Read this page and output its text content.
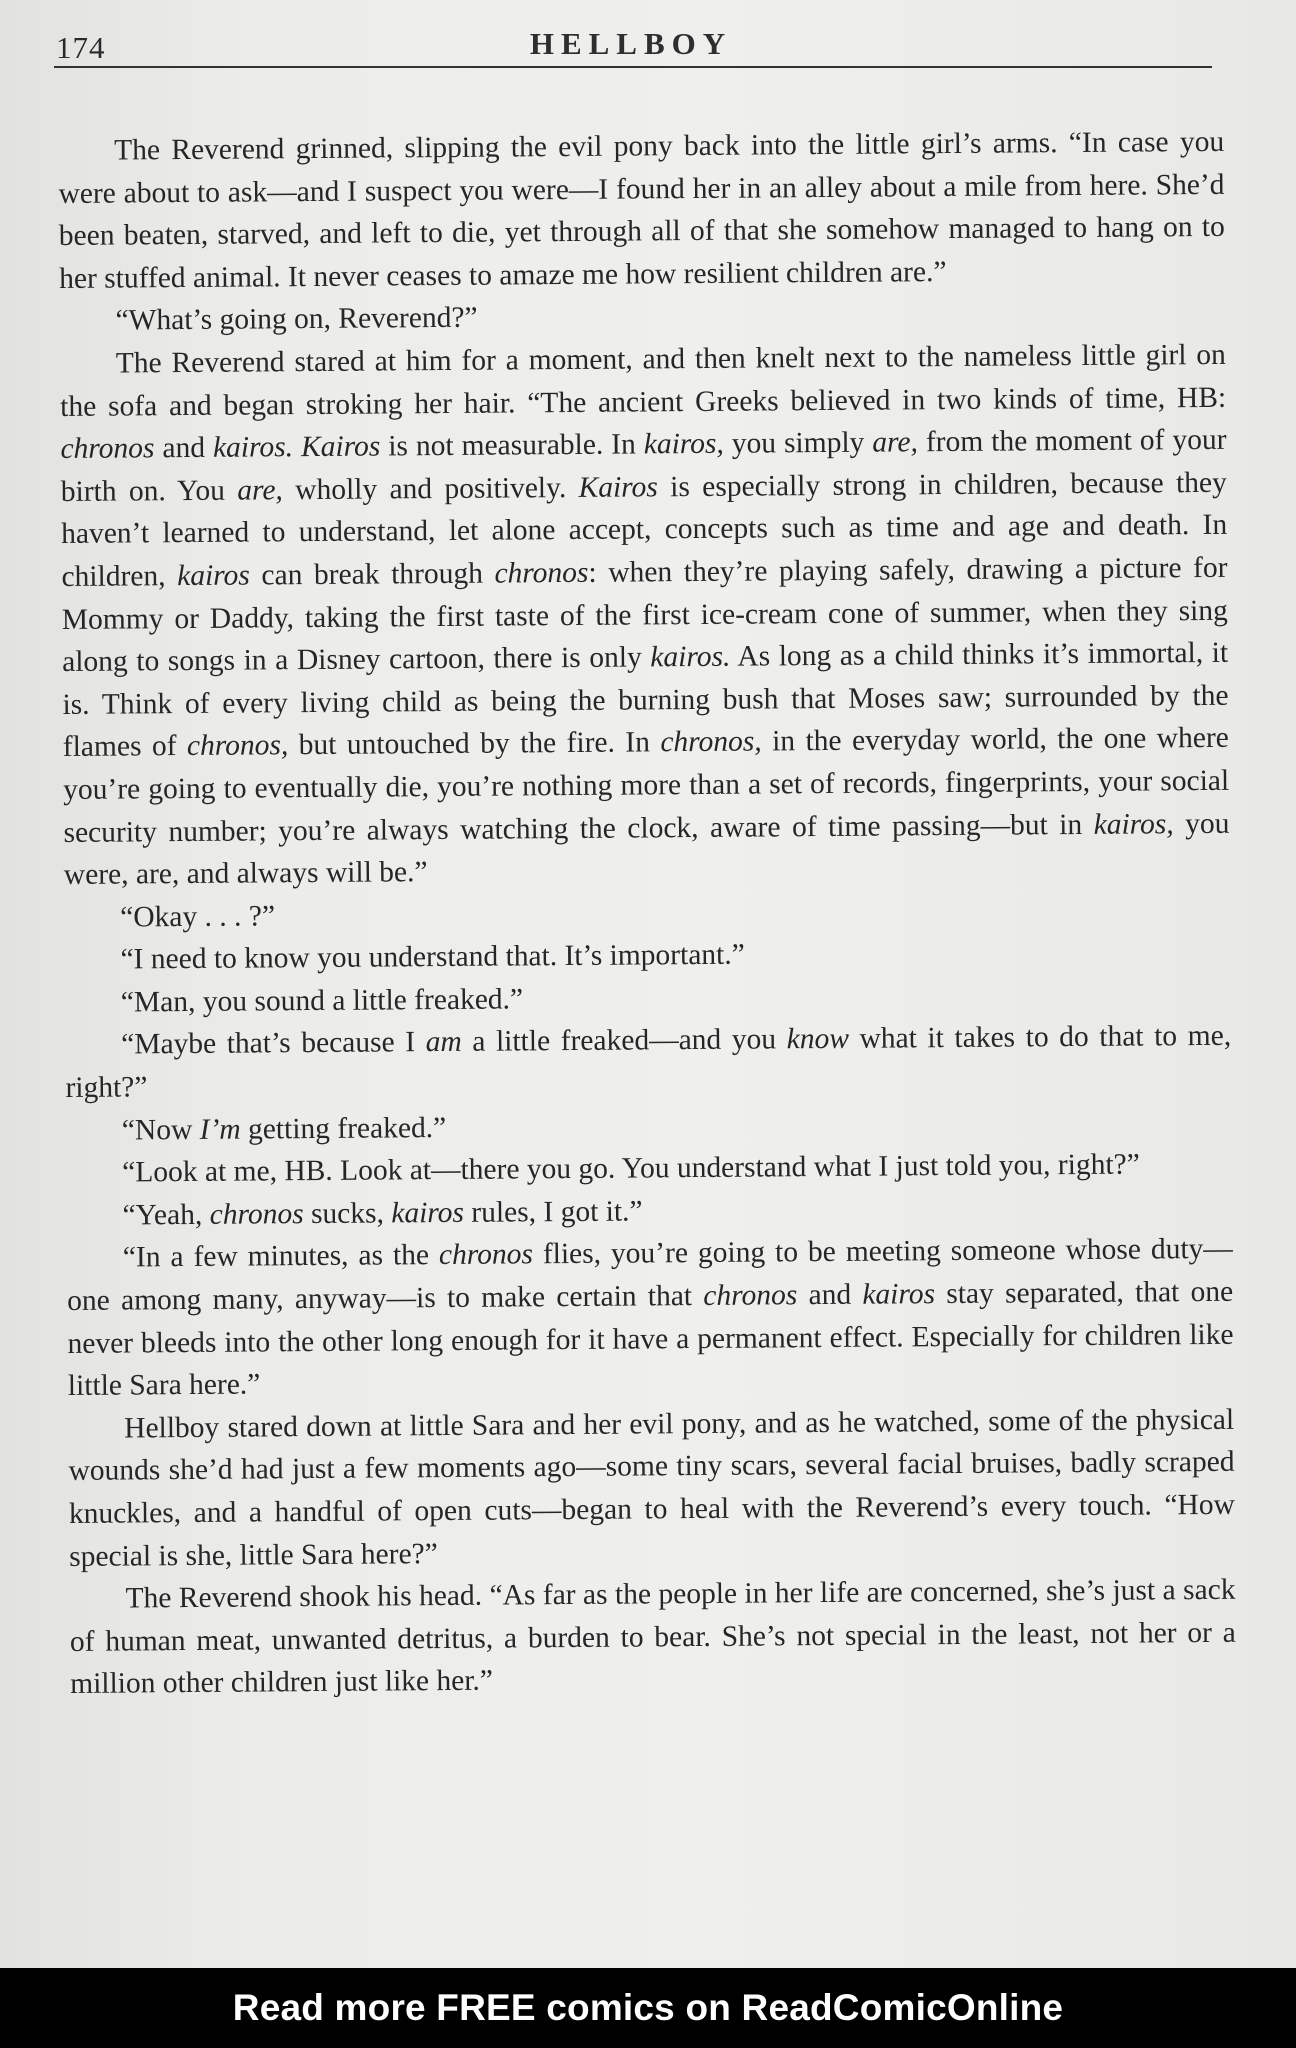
174	HELLBOY

The Reverend grinned, slipping the evil pony back into the little girl’s arms. “In case you were about to ask—and I suspect you were—I found her in an alley about a mile from here. She’d been beaten, starved, and left to die, yet through all of that she somehow managed to hang on to her stuffed animal. It never ceases to amaze me how resilient children are.”

“What’s going on, Reverend?”

The Reverend stared at him for a moment, and then knelt next to the nameless little girl on the sofa and began stroking her hair. “The ancient Greeks believed in two kinds of time, HB: chronos and kairos. Kairos is not measurable. In kairos, you simply are, from the moment of your birth on. You are, wholly and positively. Kairos is especially strong in children, because they haven’t learned to understand, let alone accept, concepts such as time and age and death. In children, kairos can break through chronos: when they’re playing safely, drawing a picture for Mommy or Daddy, taking the first taste of the first ice-cream cone of summer, when they sing along to songs in a Disney cartoon, there is only kairos. As long as a child thinks it’s immortal, it is. Think of every living child as being the burning bush that Moses saw; surrounded by the flames of chronos, but untouched by the fire. In chronos, in the everyday world, the one where you’re going to eventually die, you’re nothing more than a set of records, fingerprints, your social security number; you’re always watching the clock, aware of time passing—but in kairos, you were, are, and always will be.”

“Okay . . . ?”

“I need to know you understand that. It’s important.”

“Man, you sound a little freaked.”

“Maybe that’s because I am a little freaked—and you know what it takes to do that to me, right?”

“Now I’m getting freaked.”

“Look at me, HB. Look at—there you go. You understand what I just told you, right?”

“Yeah, chronos sucks, kairos rules, I got it.”

“In a few minutes, as the chronos flies, you’re going to be meeting someone whose duty—one among many, anyway—is to make certain that chronos and kairos stay separated, that one never bleeds into the other long enough for it have a permanent effect. Especially for children like little Sara here.”

Hellboy stared down at little Sara and her evil pony, and as he watched, some of the physical wounds she’d had just a few moments ago—some tiny scars, several facial bruises, badly scraped knuckles, and a handful of open cuts—began to heal with the Reverend’s every touch. “How special is she, little Sara here?”

The Reverend shook his head. “As far as the people in her life are concerned, she’s just a sack of human meat, unwanted detritus, a burden to bear. She’s not special in the least, not her or a million other children just like her.”

Read more FREE comics on ReadComicOnline
